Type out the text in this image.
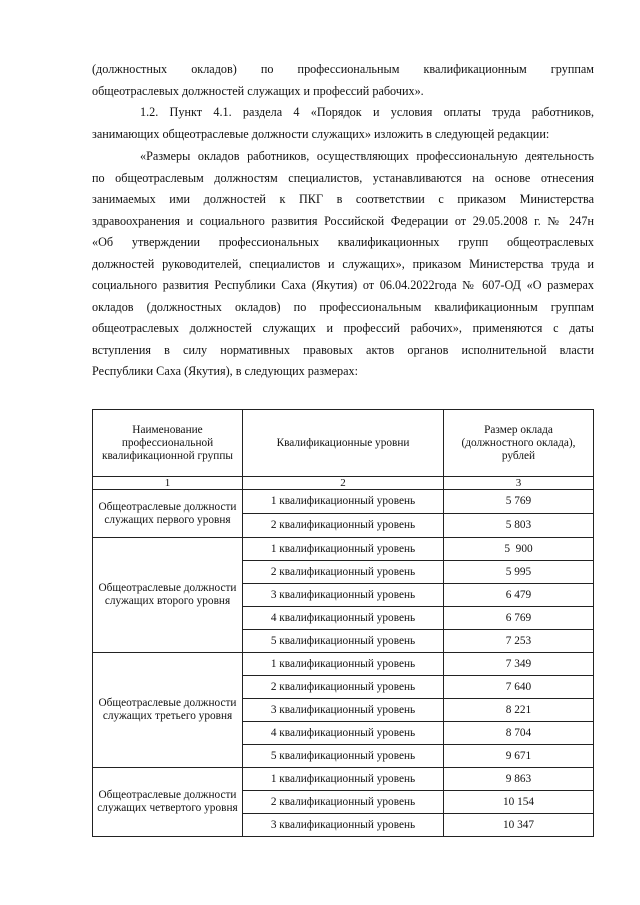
(должностных окладов) по профессиональным квалификационным группам
общеотраслевых должностей служащих и профессий рабочих».
1.2. Пункт 4.1. раздела 4 «Порядок и условия оплаты труда работников,
занимающих общеотраслевые должности служащих» изложить в следующей редакции:
«Размеры окладов работников, осуществляющих профессиональную деятельность
по общеотраслевым должностям специалистов, устанавливаются на основе отнесения
занимаемых ими должностей к ПКГ в соответствии с приказом Министерства
здравоохранения и социального развития Российской Федерации от 29.05.2008 г. № 247н
«Об утверждении профессиональных квалификационных групп общеотраслевых
должностей руководителей, специалистов и служащих», приказом Министерства труда и
социального развития Республики Саха (Якутия) от 06.04.2022года № 607-ОД «О размерах
окладов (должностных окладов) по профессиональным квалификационным группам
общеотраслевых должностей служащих и профессий рабочих», применяются с даты
вступления в силу нормативных правовых актов органов исполнительной власти
Республики Саха (Якутия), в следующих размерах:
Наименование профессиональной квалификационной группы	Квалификационные уровни	Размер оклада (должностного оклада), рублей
1	2	3
Общеотраслевые должности служащих первого уровня	1 квалификационный уровень	5 769
	2 квалификационный уровень	5 803
Общеотраслевые должности служащих второго уровня	1 квалификационный уровень	5  900
	2 квалификационный уровень	5 995
	3 квалификационный уровень	6 479
	4 квалификационный уровень	6 769
	5 квалификационный уровень	7 253
Общеотраслевые должности служащих третьего уровня	1 квалификационный уровень	7 349
	2 квалификационный уровень	7 640
	3 квалификационный уровень	8 221
	4 квалификационный уровень	8 704
	5 квалификационный уровень	9 671
Общеотраслевые должности служащих четвертого уровня	1 квалификационный уровень	9 863
	2 квалификационный уровень	10 154
	3 квалификационный уровень	10 347
